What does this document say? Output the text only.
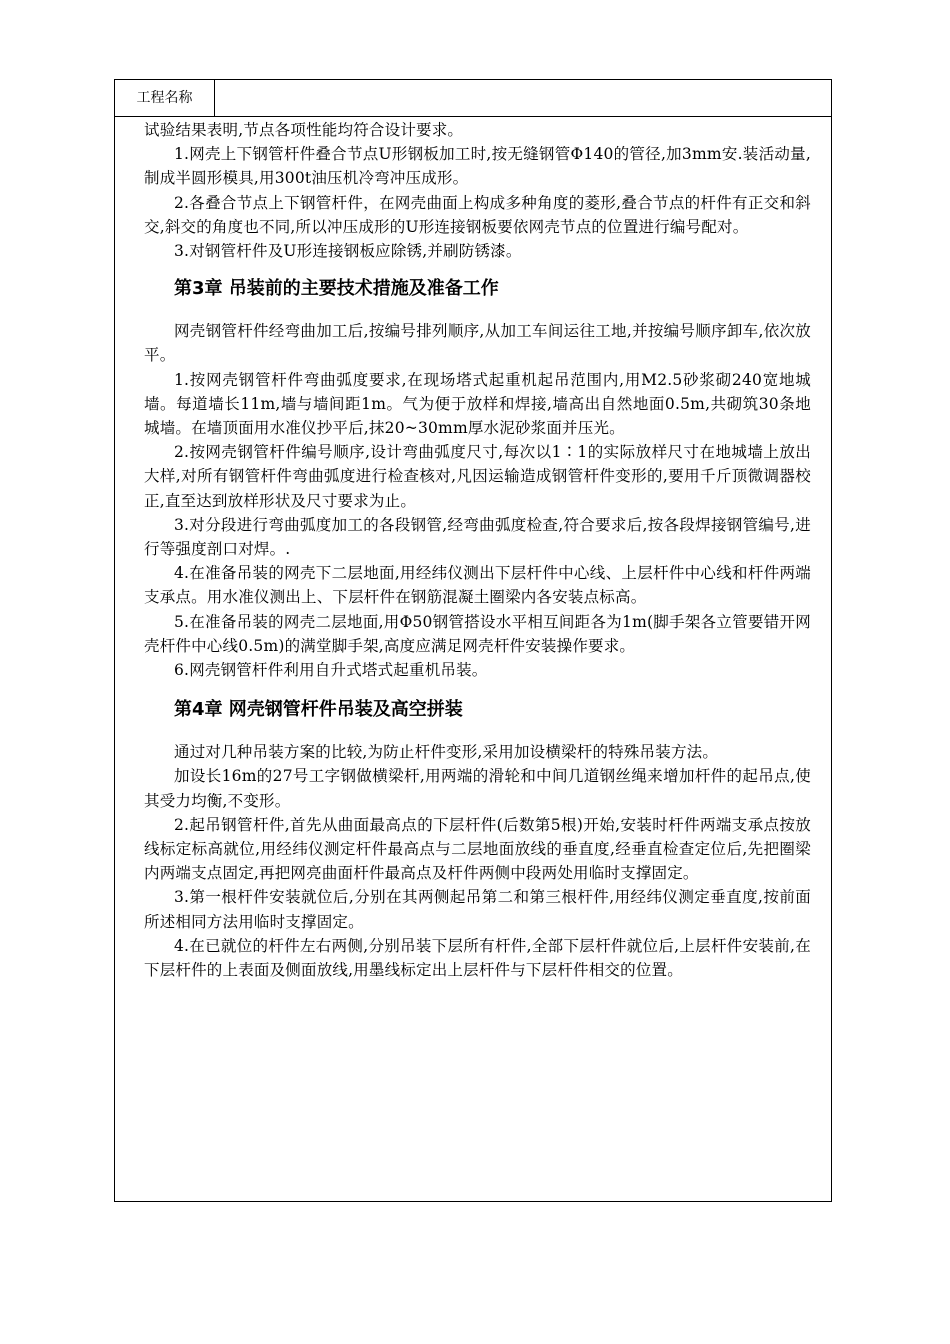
工程名称

试验结果表明,节点各项性能均符合设计要求。

1.网壳上下钢管杆件叠合节点U形钢板加工时,按无缝钢管Φ140的管径,加3mm安.装活动量,制成半圆形模具,用300t油压机冷弯冲压成形。

2.各叠合节点上下钢管杆件，在网壳曲面上构成多种角度的菱形,叠合节点的杆件有正交和斜交,斜交的角度也不同,所以冲压成形的U形连接钢板要依网壳节点的位置进行编号配对。

3.对钢管杆件及U形连接钢板应除锈,并刷防锈漆。

第3章 吊装前的主要技术措施及准备工作

网壳钢管杆件经弯曲加工后,按编号排列顺序,从加工车间运往工地,并按编号顺序卸车,依次放平。

1.按网壳钢管杆件弯曲弧度要求,在现场塔式起重机起吊范围内,用M2.5砂浆砌240宽地城墙。每道墙长11m,墙与墙间距1m。气为便于放样和焊接,墙高出自然地面0.5m,共砌筑30条地城墙。在墙顶面用水准仪抄平后,抹20~30mm厚水泥砂浆面并压光。

2.按网壳钢管杆件编号顺序,设计弯曲弧度尺寸,每次以1∶1的实际放样尺寸在地城墙上放出大样,对所有钢管杆件弯曲弧度进行检查核对,凡因运输造成钢管杆件变形的,要用千斤顶微调器校正,直至达到放样形状及尺寸要求为止。

3.对分段进行弯曲弧度加工的各段钢管,经弯曲弧度检查,符合要求后,按各段焊接钢管编号,进行等强度剖口对焊。.

4.在准备吊装的网壳下二层地面,用经纬仪测出下层杆件中心线、上层杆件中心线和杆件两端支承点。用水准仪测出上、下层杆件在钢筋混凝土圈梁内各安装点标高。

5.在准备吊装的网壳二层地面,用Φ50钢管搭设水平相互间距各为1m(脚手架各立管要错开网壳杆件中心线0.5m)的满堂脚手架,高度应满足网壳杆件安装操作要求。

6.网壳钢管杆件利用自升式塔式起重机吊装。

第4章 网壳钢管杆件吊装及高空拼装

通过对几种吊装方案的比较,为防止杆件变形,采用加设横梁杆的特殊吊装方法。

加设长16m的27号工字钢做横梁杆,用两端的滑轮和中间几道钢丝绳来增加杆件的起吊点,使其受力均衡,不变形。

2.起吊钢管杆件,首先从曲面最高点的下层杆件(后数第5根)开始,安装时杆件两端支承点按放线标定标高就位,用经纬仪测定杆件最高点与二层地面放线的垂直度,经垂直检查定位后,先把圈梁内两端支点固定,再把网亮曲面杆件最高点及杆件两侧中段两处用临时支撑固定。

3.第一根杆件安装就位后,分别在其两侧起吊第二和第三根杆件,用经纬仪测定垂直度,按前面所述相同方法用临时支撑固定。

4.在已就位的杆件左右两侧,分别吊装下层所有杆件,全部下层杆件就位后,上层杆件安装前,在下层杆件的上表面及侧面放线,用墨线标定出上层杆件与下层杆件相交的位置。
